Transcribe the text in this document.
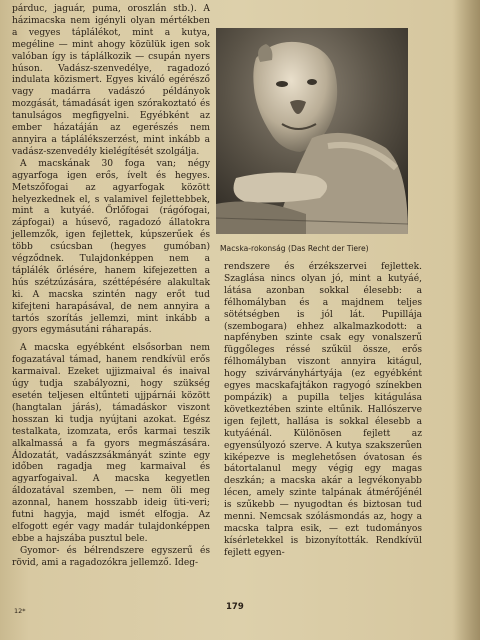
párduc, jaguár, puma, oroszlán stb.). A házimacska nem igényli olyan mértékben a vegyes táplálékot, mint a kutya, megéline — mint ahogy közülük igen sok valóban így is táplálkozik — csupán nyers húson. Vadász-szenvedélye, ragadozó indulata közismert. Egyes kiváló egérésző vagy madárra vadászó példányok mozgását, támadását igen szórakoztató és tanulságos megfigyelni. Egyébként az ember házatáján az egerészés nem annyira a táplálékszerzést, mint inkább a vadász-szenvedély kielégítését szolgálja.

A macskának 30 foga van; négy agyarfoga igen erős, ívelt és hegyes. Metszőfogai az agyarfogak között helyezkednek el, s valamivel fejlettebbek, mint a kutyáé. Őrlőfogai (rágófogai, zápfogai) a húsevő, ragadozó állatokra jellemzők, igen fejlettek, kúpszerűek és több csúcsban (hegyes gumóban) végződnek. Tulajdonképpen nem a táplálék őrlésére, hanem kifejezetten a hús szétzúzására, széttépésére alakultak ki. A macska szintén nagy erőt tud kifejteni harapásával, de nem annyira a tartós szorítás jellemzi, mint inkább a gyors egymásutáni ráharapás.

A macska egyébként elsősorban nem fogazatával támad, hanem rendkívül erős karmaival. Ezeket ujjizmaival és inaival úgy tudja szabályozni, hogy szükség esetén teljesen eltűnteti ujjpárnái között (hangtalan járás), támadáskor viszont hosszan ki tudja nyújtani azokat. Egész testalkata, izomzata, erős karmai teszik alkalmassá a fa gyors megmászására. Áldozatát, vadászzsákmányát szinte egy időben ragadja meg karmaival és agyarfogaival. A macska kegyetlen áldozatával szemben, — nem öli meg azonnal, hanem hosszabb ideig üti-veri; futni hagyja, majd ismét elfogja. Az elfogott egér vagy madár tulajdonképpen ebbe a hajszába pusztul bele.

Gyomor- és bélrendszere egyszerű és rövid, ami a ragadozókra jellemző. Ideg-

Macska-rokonság (Das Recht der Tiere)

rendszere és érzékszervei fejlettek. Szaglása nincs olyan jó, mint a kutyáé, látása azonban sokkal élesebb: a félhomályban és a majdnem teljes sötétségben is jól lát. Pupillája (szembogara) ehhez alkalmazkodott: a napfényben szinte csak egy vonalszerű függőleges réssé szűkül össze, erős félhomályban viszont annyira kitágul, hogy szivárványhártyája (ez egyébként egyes macskafajtákon ragyogó színekben pompázik) a pupilla teljes kitágulása következtében szinte eltűnik. Hallószerve igen fejlett, hallása is sokkal élesebb a kutyáénál. Különösen fejlett az egyensúlyozó szerve. A kutya szakszerűen kiképezve is meglehetősen óvatosan és bátortalanul megy végig egy magas deszkán; a macska akár a legvékonyabb lécen, amely szinte talpának átmérőjénél is szűkebb — nyugodtan és biztosan tud menni. Nemcsak szólásmondás az, hogy a macska talpra esik, — ezt tudományos kísérletekkel is bizonyították. Rendkívül fejlett egyen-

12*	179
